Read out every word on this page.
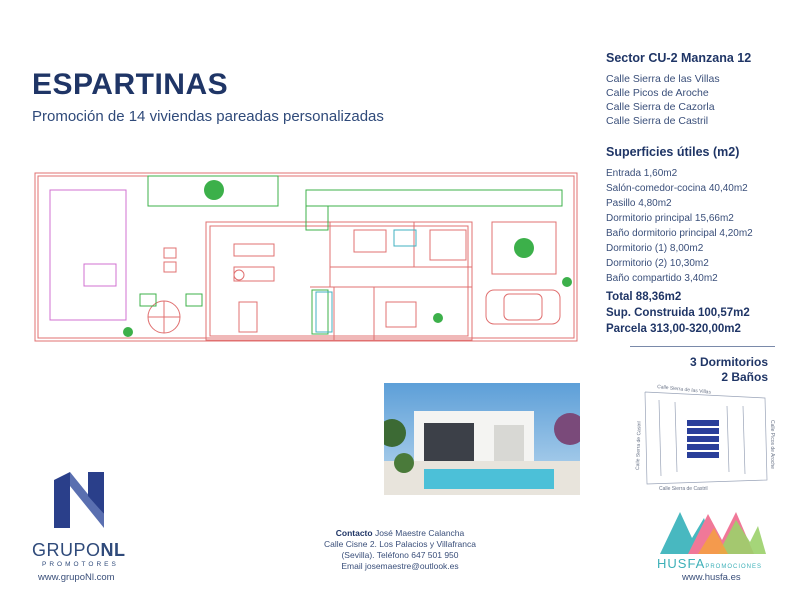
ESPARTINAS
Promoción de 14 viviendas pareadas personalizadas
Sector CU-2 Manzana 12
Calle Sierra de las Villas
Calle Picos de Aroche
Calle Sierra de Cazorla
Calle Sierra de Castril
Superficies útiles (m2)
Entrada 1,60m2
Salón-comedor-cocina 40,40m2
Pasillo 4,80m2
Dormitorio principal 15,66m2
Baño dormitorio principal 4,20m2
Dormitorio (1) 8,00m2
Dormitorio (2) 10,30m2
Baño compartido 3,40m2
Total 88,36m2
Sup. Construida 100,57m2
Parcela 313,00-320,00m2
3 Dormitorios
2 Baños
Calle Sierra de las Villas
Calle Sierra de Castril	Calle Picos de Aroche
Calle Sierra de Castril
GRUPONL
PROMOTORES
www.grupoNl.com
Contacto José Maestre Calancha
Calle Cisne 2. Los Palacios y Villafranca
(Sevilla). Teléfono 647 501 950
Email josemaestre@outlook.es	HUSFAPROMOCIONES
www.husfa.es
